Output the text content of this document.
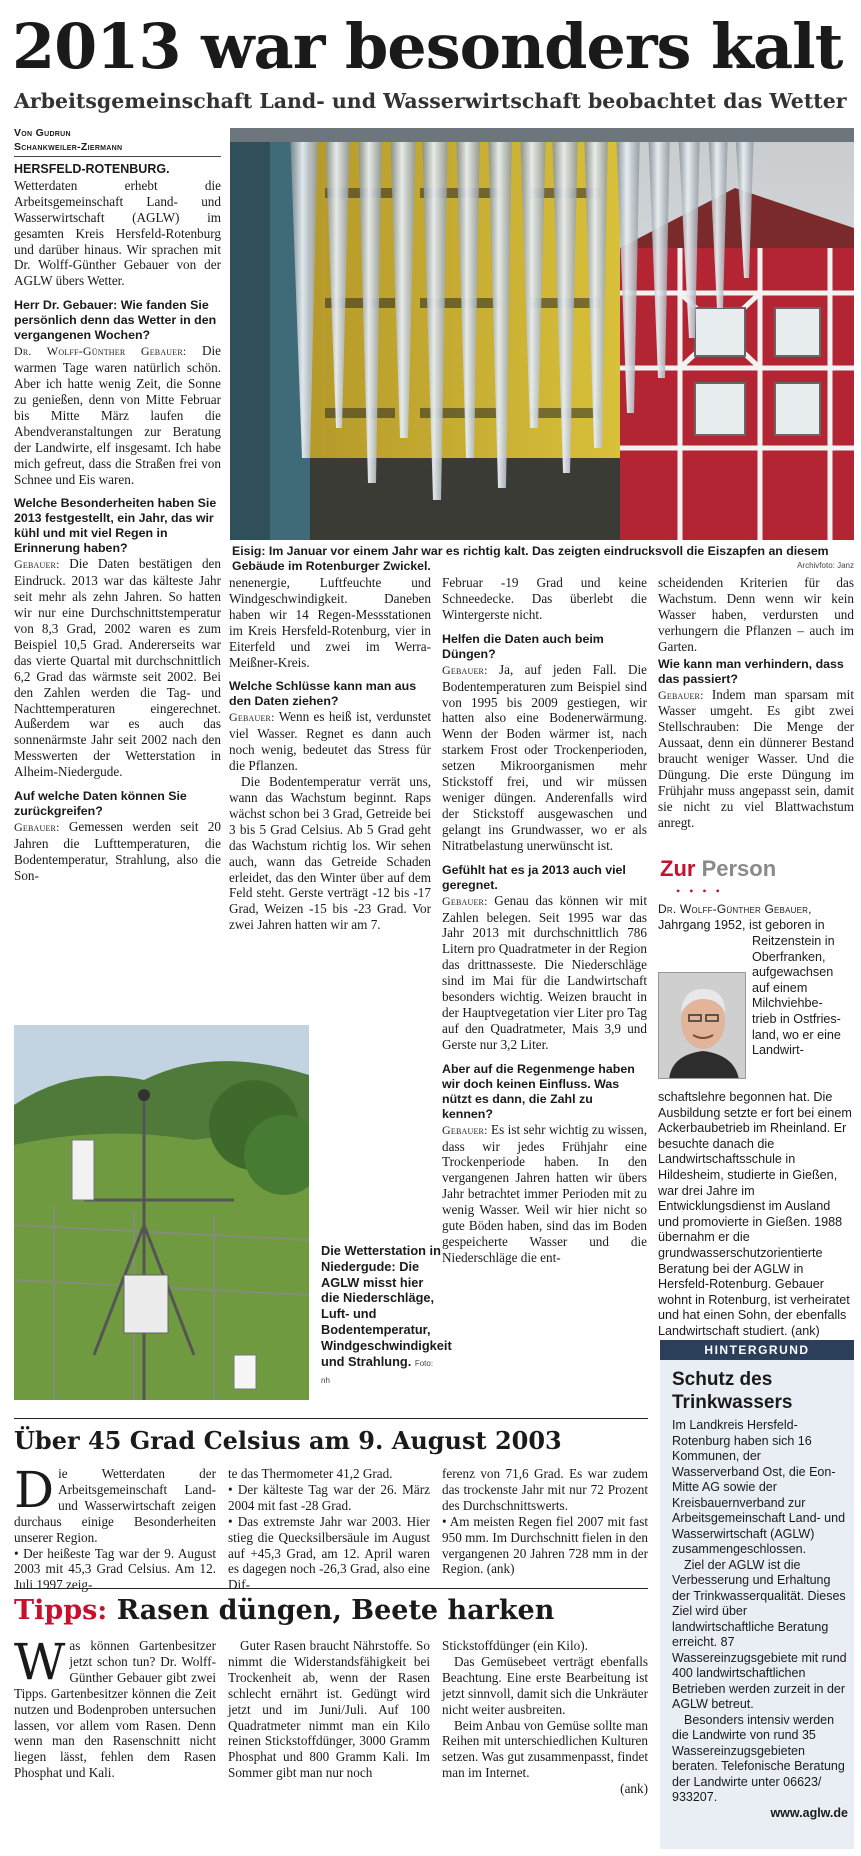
2013 war besonders kalt
Arbeitsgemeinschaft Land- und Wasserwirtschaft beobachtet das Wetter
Von Gudrun
Schankweiler-Ziermann

HERSFELD-ROTENBURG.
Wetterdaten erhebt die Arbeitsgemeinschaft Land- und Wasserwirtschaft (AGLW) im gesamten Kreis Hersfeld-Rotenburg und darüber hinaus. Wir sprachen mit Dr. Wolff-Günther Gebauer von der AGLW übers Wetter.

Herr Dr. Gebauer: Wie fanden Sie persönlich denn das Wetter in den vergangenen Wochen?

Dr. Wolff-Günther Gebauer: Die warmen Tage waren natürlich schön. Aber ich hatte wenig Zeit, die Sonne zu genießen, denn von Mitte Februar bis Mitte März laufen die Abendveranstaltungen zur Beratung der Landwirte, elf insgesamt. Ich habe mich gefreut, dass die Straßen frei von Schnee und Eis waren.

Welche Besonderheiten haben Sie 2013 festgestellt, ein Jahr, das wir kühl und mit viel Regen in Erinnerung haben?

Gebauer: Die Daten bestätigen den Eindruck. 2013 war das kälteste Jahr seit mehr als zehn Jahren. So hatten wir nur eine Durchschnittstemperatur von 8,3 Grad, 2002 waren es zum Beispiel 10,5 Grad. Andererseits war das vierte Quartal mit durchschnittlich 6,2 Grad das wärmste seit 2002. Bei den Zahlen werden die Tag- und Nachttemperaturen eingerechnet. Außerdem war es auch das sonnenärmste Jahr seit 2002 nach den Messwerten der Wetterstation in Alheim-Niedergude.

Auf welche Daten können Sie zurückgreifen?

Gebauer: Gemessen werden seit 20 Jahren die Lufttemperaturen, die Bodentemperatur, Strahlung, also die Son-

Eisig: Im Januar vor einem Jahr war es richtig kalt. Das zeigten eindrucksvoll die Eiszapfen an diesem Gebäude im Rotenburger Zwickel.	Archivfoto: Janz

nenenergie, Luftfeuchte und Windgeschwindigkeit. Daneben haben wir 14 Regen-Messstationen im Kreis Hersfeld-Rotenburg, vier in Eiterfeld und zwei im Werra-Meißner-Kreis.

Welche Schlüsse kann man aus den Daten ziehen?

Gebauer: Wenn es heiß ist, verdunstet viel Wasser. Regnet es dann auch noch wenig, bedeutet das Stress für die Pflanzen.

Die Bodentemperatur verrät uns, wann das Wachstum beginnt. Raps wächst schon bei 3 Grad, Getreide bei 3 bis 5 Grad Celsius. Ab 5 Grad geht das Wachstum richtig los. Wir sehen auch, wann das Getreide Schaden erleidet, das den Winter über auf dem Feld steht. Gerste verträgt -12 bis -17 Grad, Weizen -15 bis -23 Grad. Vor zwei Jahren hatten wir am 7.

Februar -19 Grad und keine Schneedecke. Das überlebt die Wintergerste nicht.

Helfen die Daten auch beim Düngen?

Gebauer: Ja, auf jeden Fall. Die Bodentemperaturen zum Beispiel sind von 1995 bis 2009 gestiegen, wir hatten also eine Bodenerwärmung. Wenn der Boden wärmer ist, nach starkem Frost oder Trockenperioden, setzen Mikroorganismen mehr Stickstoff frei, und wir müssen weniger düngen. Anderenfalls wird der Stickstoff ausgewaschen und gelangt ins Grundwasser, wo er als Nitratbelastung unerwünscht ist.

Gefühlt hat es ja 2013 auch viel geregnet.

Gebauer: Genau das können wir mit Zahlen belegen. Seit 1995 war das Jahr 2013 mit durchschnittlich 786 Litern pro Quadratmeter in der Region das drittnasseste. Die Niederschläge sind im Mai für die Landwirtschaft besonders wichtig. Weizen braucht in der Hauptvegetation vier Liter pro Tag auf den Quadratmeter, Mais 3,9 und Gerste nur 3,2 Liter.

Aber auf die Regenmenge haben wir doch keinen Einfluss. Was nützt es dann, die Zahl zu kennen?

Gebauer: Es ist sehr wichtig zu wissen, dass wir jedes Frühjahr eine Trockenperiode haben. In den vergangenen Jahren hatten wir übers Jahr betrachtet immer Perioden mit zu wenig Wasser. Weil wir hier nicht so gute Böden haben, sind das im Boden gespeicherte Wasser und die Niederschläge die ent-

scheidenden Kriterien für das Wachstum. Denn wenn wir kein Wasser haben, verdursten und verhungern die Pflanzen – auch im Garten.

Wie kann man verhindern, dass das passiert?

Gebauer: Indem man sparsam mit Wasser umgeht. Es gibt zwei Stellschrauben: Die Menge der Aussaat, denn ein dünnerer Bestand braucht weniger Wasser. Und die Düngung. Die erste Düngung im Frühjahr muss angepasst sein, damit sie nicht zu viel Blattwachstum anregt.

Zur Person
••••

Dr. Wolff-Günther Gebauer,
Jahrgang 1952, ist geboren in

Reitzenstein in
Oberfranken,
aufgewachsen
auf einem
Milchviehbe-
trieb in Ostfries-
land, wo er eine
Landwirt-

schaftslehre begonnen hat. Die Ausbildung setzte er fort bei einem Ackerbaubetrieb im Rheinland. Er besuchte danach die Landwirtschaftsschule in Hildesheim, studierte in Gießen, war drei Jahre im Entwicklungsdienst im Ausland und promovierte in Gießen. 1988 übernahm er die grundwasserschutzorientierte Beratung bei der AGLW in Hersfeld-Rotenburg. Gebauer wohnt in Rotenburg, ist verheiratet und hat einen Sohn, der ebenfalls Landwirtschaft studiert. (ank)

Die Wetterstation in Niedergude: Die AGLW misst hier die Niederschläge, Luft- und Bodentemperatur, Windgeschwindigkeit und Strahlung. Foto: nh
Über 45 Grad Celsius am 9. August 2003

Die Wetterdaten der Arbeitsgemeinschaft Land- und Wasserwirtschaft zeigen durchaus einige Besonderheiten unserer Region.

• Der heißeste Tag war der 9. August 2003 mit 45,3 Grad Celsius. Am 12. Juli 1997 zeig-

te das Thermometer 41,2 Grad.

• Der kälteste Tag war der 26. März 2004 mit fast -28 Grad.

• Das extremste Jahr war 2003. Hier stieg die Quecksilbersäule im August auf +45,3 Grad, am 12. April waren es dagegen noch -26,3 Grad, also eine Dif-

ferenz von 71,6 Grad. Es war zudem das trockenste Jahr mit nur 72 Prozent des Durchschnittswerts.

• Am meisten Regen fiel 2007 mit fast 950 mm. Im Durchschnitt fielen in den vergangenen 20 Jahren 728 mm in der Region. (ank)

Tipps: Rasen düngen, Beete harken

Was können Gartenbesitzer jetzt schon tun? Dr. Wolff-Günther Gebauer gibt zwei Tipps. Gartenbesitzer können die Zeit nutzen und Bodenproben untersuchen lassen, vor allem vom Rasen. Denn wenn man den Rasenschnitt nicht liegen lässt, fehlen dem Rasen Phosphat und Kali.

Guter Rasen braucht Nährstoffe. So nimmt die Widerstandsfähigkeit bei Trockenheit ab, wenn der Rasen schlecht ernährt ist. Gedüngt wird jetzt und im Juni/Juli. Auf 100 Quadratmeter nimmt man ein Kilo reinen Stickstoffdünger, 3000 Gramm Phosphat und 800 Gramm Kali. Im Sommer gibt man nur noch

Stickstoffdünger (ein Kilo).

Das Gemüsebeet verträgt ebenfalls Beachtung. Eine erste Bearbeitung ist jetzt sinnvoll, damit sich die Unkräuter nicht weiter ausbreiten.

Beim Anbau von Gemüse sollte man Reihen mit unterschiedlichen Kulturen setzen. Was gut zusammenpasst, findet man im Internet.

(ank)

HINTERGRUND
Schutz des Trinkwassers

Im Landkreis Hersfeld-Rotenburg haben sich 16 Kommunen, der Wasserverband Ost, die Eon-Mitte AG sowie der Kreisbauernverband zur Arbeitsgemeinschaft Land- und Wasserwirtschaft (AGLW) zusammengeschlossen.

Ziel der AGLW ist die Verbesserung und Erhaltung der Trinkwasserqualität. Dieses Ziel wird über landwirtschaftliche Beratung erreicht. 87 Wassereinzugsgebiete mit rund 400 landwirtschaftlichen Betrieben werden zurzeit in der AGLW betreut.

Besonders intensiv werden die Landwirte von rund 35 Wassereinzugsgebieten beraten. Telefonische Beratung der Landwirte unter 06623/ 933207.

www.aglw.de
